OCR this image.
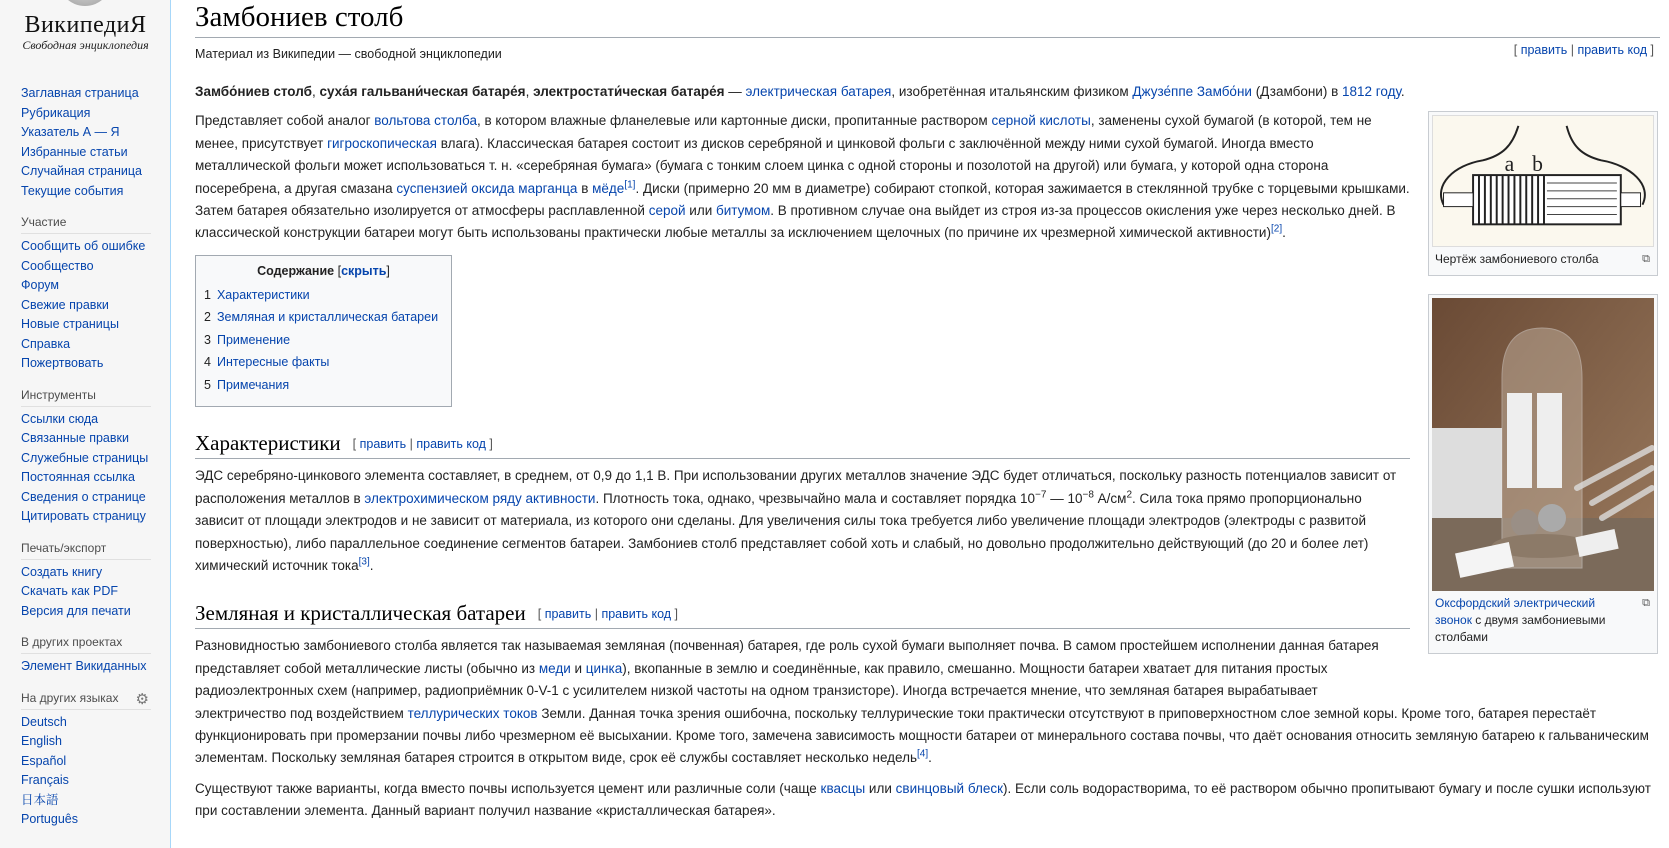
ВикипедиЯ
Свободная энциклопедия
Заглавная страница
Рубрикация
Указатель А — Я
Избранные статьи
Случайная страница
Текущие события
Участие
Сообщить об ошибке
Сообщество
Форум
Свежие правки
Новые страницы
Справка
Пожертвовать
Инструменты
Ссылки сюда
Связанные правки
Служебные страницы
Постоянная ссылка
Сведения о странице
Цитировать страницу
Печать/экспорт
Создать книгу
Скачать как PDF
Версия для печати
В других проектах
Элемент Викиданных
На других языках ⚙
Deutsch
English
Español
Français
日本語
Português
Замбониев столб
Материал из Википедии — свободной энциклопедии	[ править | править код ]

Замбо́ниев столб, суха́я гальвани́ческая батаре́я, электростати́ческая батаре́я — электрическая батарея, изобретённая итальянским физиком Джузе́ппе Замбо́ни (Дзамбони) в 1812 году.

a b
Чертёж замбониевого столба	⧉
Оксфордский электрический звонок с двумя замбониевыми столбами
⧉

Представляет собой аналог вольтова столба, в котором влажные фланелевые или картонные диски, пропитанные раствором серной кислоты, заменены сухой бумагой (в которой, тем не менее, присутствует гигроскопическая влага). Классическая батарея состоит из дисков серебряной и цинковой фольги с заключённой между ними сухой бумагой. Иногда вместо металлической фольги может использоваться т. н. «серебряная бумага» (бумага с тонким слоем цинка с одной стороны и позолотой на другой) или бумага, у которой одна сторона посеребрена, а другая смазана суспензией оксида марганца в мёде[1]. Диски (примерно 20 мм в диаметре) собирают стопкой, которая зажимается в стеклянной трубке с торцевыми крышками. Затем батарея обязательно изолируется от атмосферы расплавленной серой или битумом. В противном случае она выйдет из строя из-за процессов окисления уже через несколько дней. В классической конструкции батареи могут быть использованы практически любые металлы за исключением щелочных (по причине их чрезмерной химической активности)[2].

Содержание [скрыть]
1 Характеристики
2 Земляная и кристаллическая батареи
3 Применение
4 Интересные факты
5 Примечания
Характеристики [ править | править код ]

ЭДС серебряно-цинкового элемента составляет, в среднем, от 0,9 до 1,1 В. При использовании других металлов значение ЭДС будет отличаться, поскольку разность потенциалов зависит от расположения металлов в электрохимическом ряду активности. Плотность тока, однако, чрезвычайно мала и составляет порядка $10^{-7}$ — $10^{-8}$ $А/см^2$. Сила тока прямо пропорционально зависит от площади электродов и не зависит от материала, из которого они сделаны. Для увеличения силы тока требуется либо увеличение площади электродов (электроды с развитой поверхностью), либо параллельное соединение сегментов батареи. Замбониев столб представляет собой хоть и слабый, но довольно продолжительно действующий (до 20 и более лет) химический источник тока[3].

Земляная и кристаллическая батареи [ править | править код ]

Разновидностью замбониевого столба является так называемая земляная (почвенная) батарея, где роль сухой бумаги выполняет почва. В самом простейшем исполнении данная батарея представляет собой металлические листы (обычно из меди и цинка), вкопанные в землю и соединённые, как правило, смешанно. Мощности батареи хватает для питания простых радиоэлектронных схем (например, радиоприёмник 0-V-1 с усилителем низкой частоты на одном транзисторе). Иногда встречается мнение, что земляная батарея вырабатывает электричество под воздействием теллурических токов Земли. Данная точка зрения ошибочна, поскольку теллурические токи практически отсутствуют в приповерхностном слое земной коры. Кроме того, батарея перестаёт функционировать при промерзании почвы либо чрезмерном её высыхании. Кроме того, замечена зависимость мощности батареи от минерального состава почвы, что даёт основания относить земляную батарею к гальваническим элементам. Поскольку земляная батарея строится в открытом виде, срок её службы составляет несколько недель[4].

Существуют также варианты, когда вместо почвы используется цемент или различные соли (чаще квасцы или свинцовый блеск). Если соль водорастворима, то её раствором обычно пропитывают бумагу и после сушки используют при составлении элемента. Данный вариант получил название «кристаллическая батарея».
